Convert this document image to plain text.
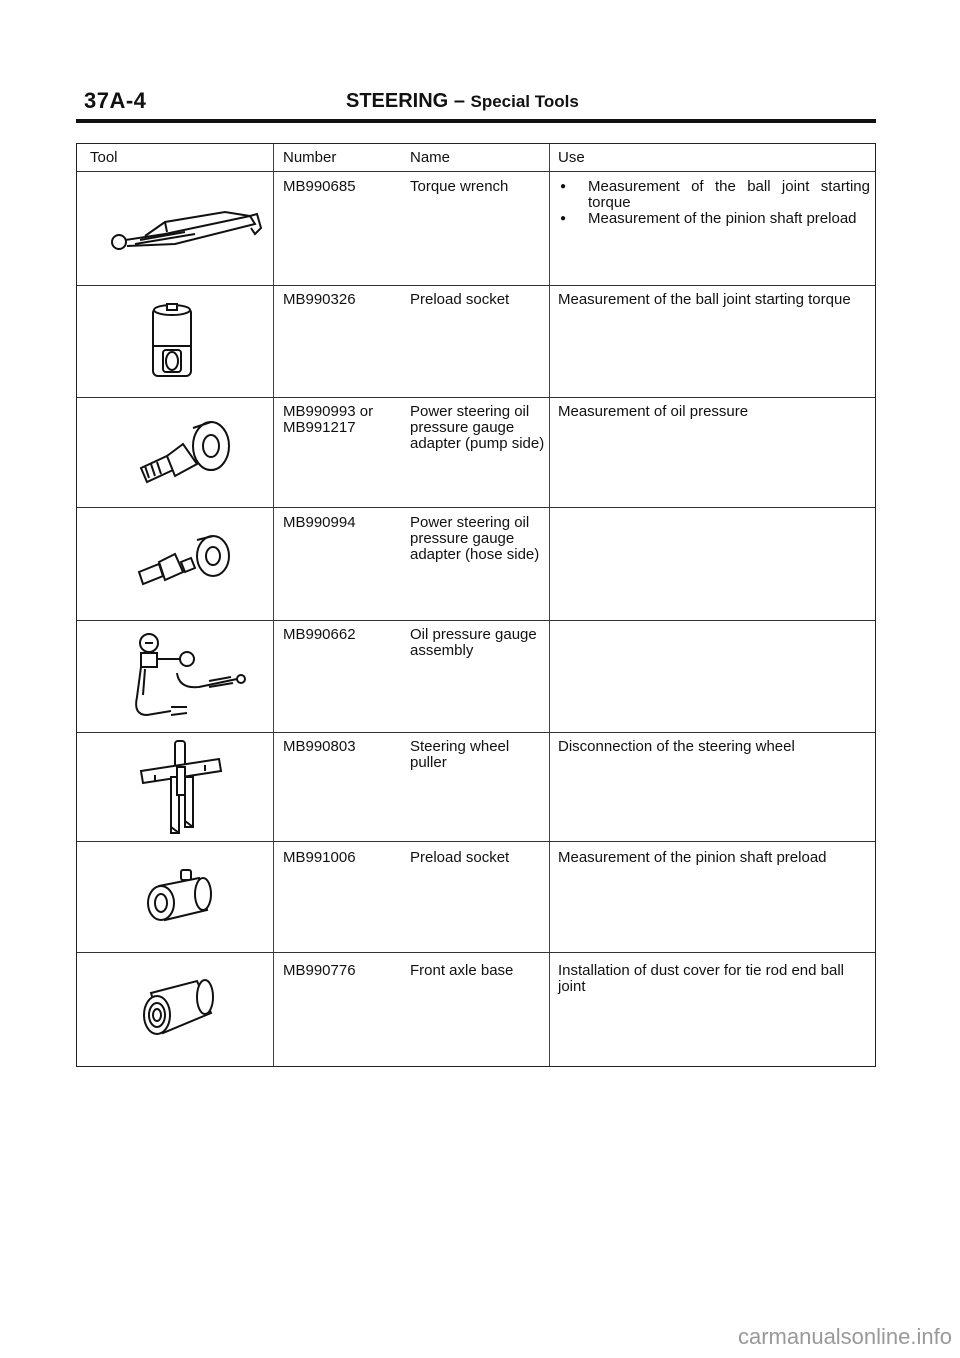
37A-4	STEERING – Special Tools
Tool	Number	Name	Use
MB990685	Torque wrench
●	Measurement of the ball joint starting torque
● Measurement of the pinion shaft preload
MB990326	Preload socket	Measurement of the ball joint starting torque
MB990993 or
MB991217
Power steering oil pressure gauge adapter (pump side)
Measurement of oil pressure
MB990994	Power steering oil pressure gauge adapter (hose side)
MB990662	Oil pressure gauge assembly
MB990803	Steering wheel puller
Disconnection of the steering wheel
MB991006	Preload socket	Measurement of the pinion shaft preload
MB990776	Front axle base	Installation of dust cover for tie rod end ball joint
carmanualsonline.info
